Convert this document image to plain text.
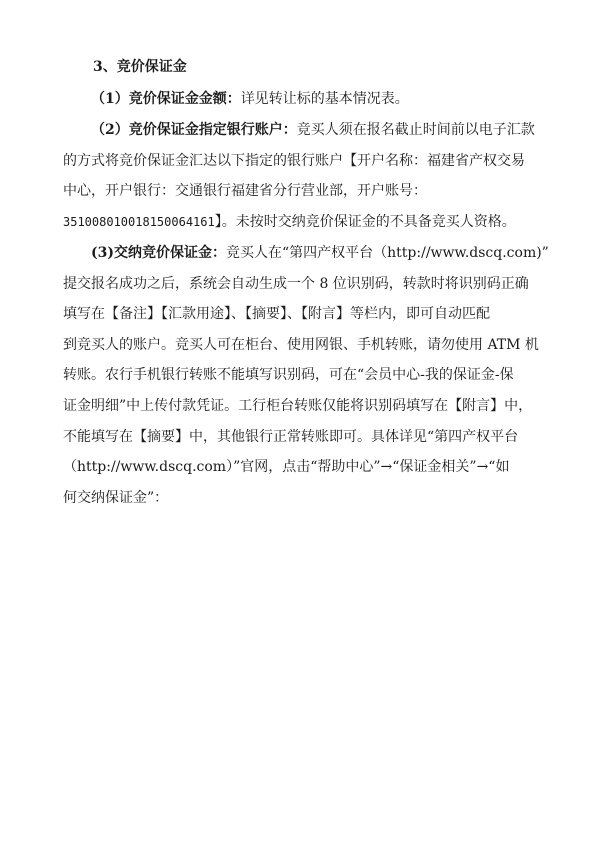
3、竞价保证金
（1）竞价保证金金额：详见转让标的基本情况表。
（2）竞价保证金指定银行账户：竞买人须在报名截止时间前以电子汇款
的方式将竞价保证金汇达以下指定的银行账户【开户名称：福建省产权交易
中心，开户银行：交通银行福建省分行营业部，开户账号：
351008010018150064161】。未按时交纳竞价保证金的不具备竞买人资格。
(3)交纳竞价保证金：竞买人在“第四产权平台（http://www.dscq.com)”
提交报名成功之后，系统会自动生成一个 8 位识别码，转款时将识别码正确
填写在【备注】【汇款用途】、【摘要】、【附言】等栏内，即可自动匹配
到竞买人的账户。竞买人可在柜台、使用网银、手机转账，请勿使用 ATM 机
转账。农行手机银行转账不能填写识别码，可在“会员中心-我的保证金-保
证金明细”中上传付款凭证。工行柜台转账仅能将识别码填写在【附言】中，
不能填写在【摘要】中，其他银行正常转账即可。具体详见“第四产权平台
（http://www.dscq.com）”官网，点击“帮助中心”→“保证金相关”→“如
何交纳保证金”：
